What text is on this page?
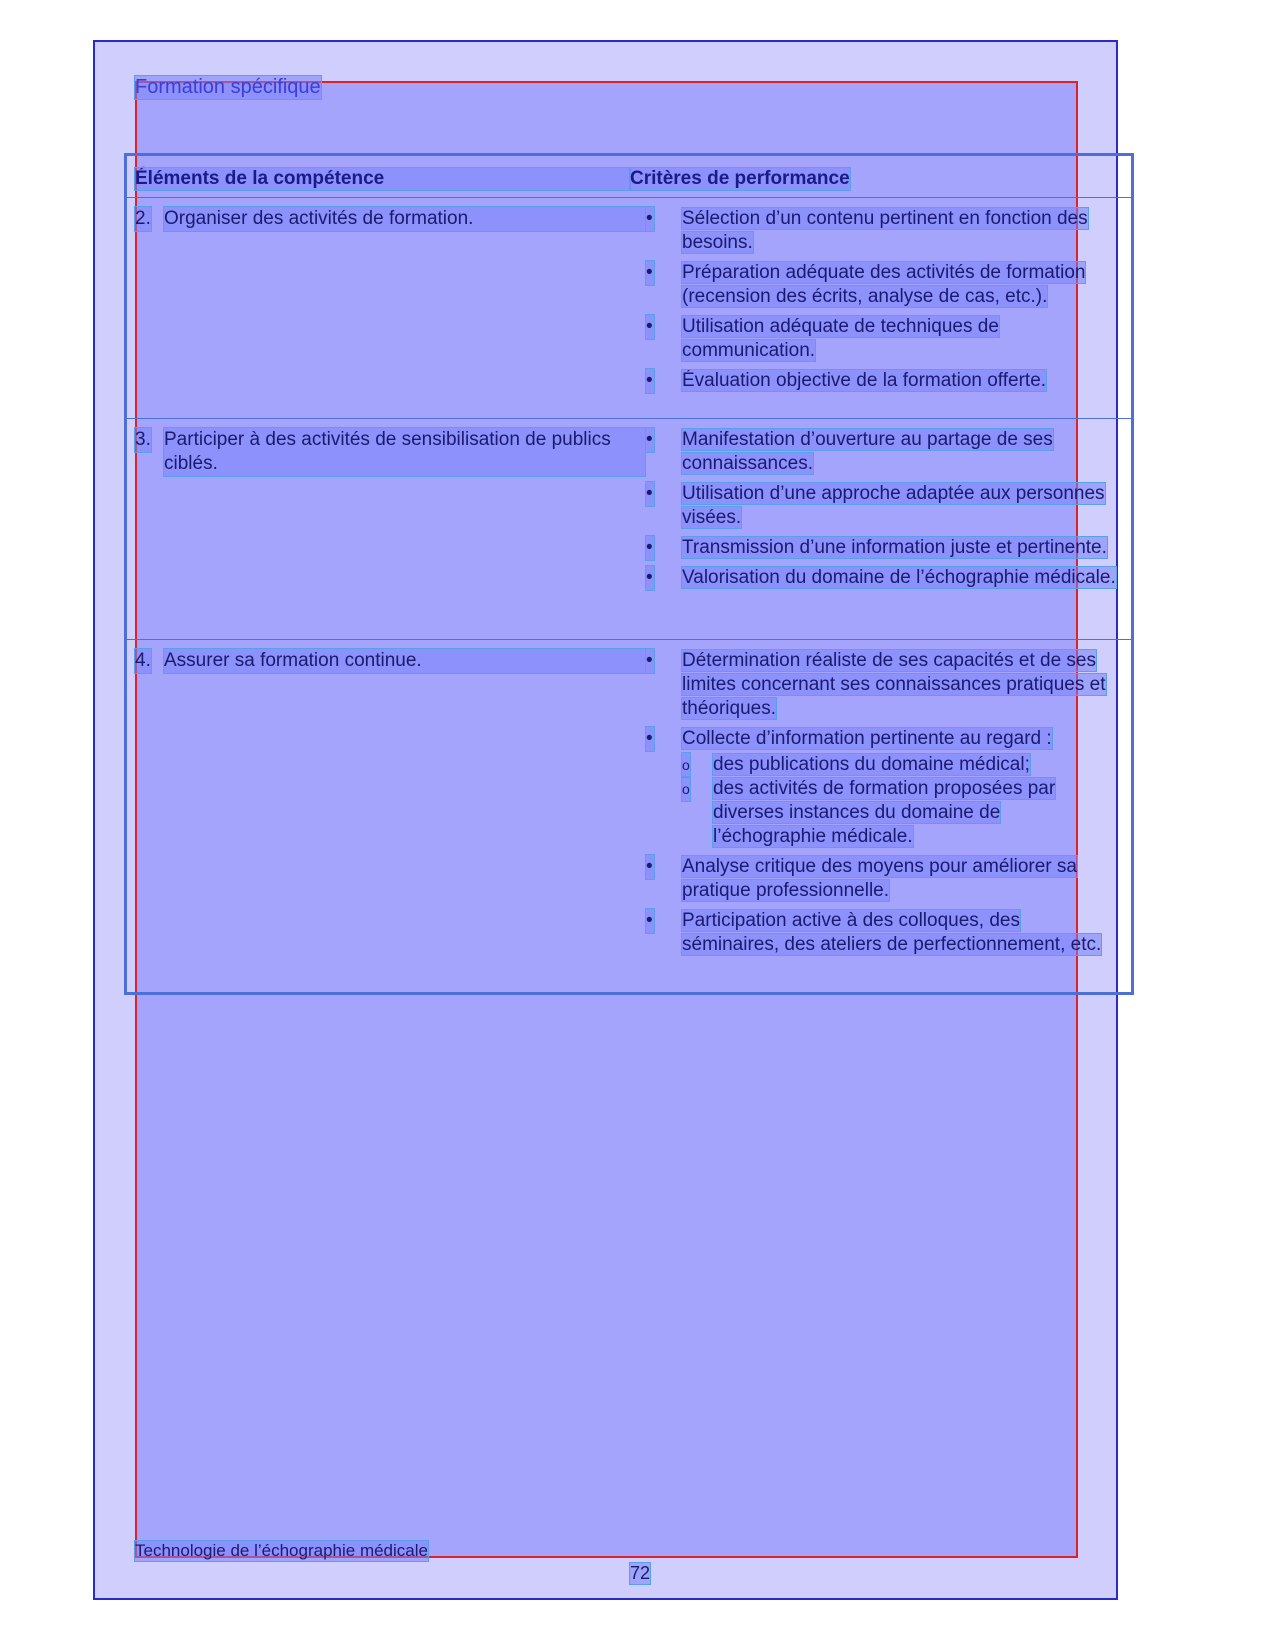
Formation spécifique
Éléments de la compétence	Critères de performance
2. Organiser des activités de formation.	• Sélection d’un contenu pertinent en fonction des besoins.
• Préparation adéquate des activités de formation (recension des écrits, analyse de cas, etc.).
• Utilisation adéquate de techniques de communication.
• Évaluation objective de la formation offerte.
3. Participer à des activités de sensibilisation de publics ciblés.
• Manifestation d’ouverture au partage de ses connaissances.
• Utilisation d’une approche adaptée aux personnes visées.
• Transmission d’une information juste et pertinente.
• Valorisation du domaine de l’échographie médicale.
4. Assurer sa formation continue.	• Détermination réaliste de ses capacités et de ses limites concernant ses connaissances pratiques et théoriques.
• Collecte d’information pertinente au regard :
o des publications du domaine médical;
o des activités de formation proposées par diverses instances du domaine de l’échographie médicale.
• Analyse critique des moyens pour améliorer sa pratique professionnelle.
• Participation active à des colloques, des séminaires, des ateliers de perfectionnement, etc.
Technologie de l’échographie médicale
72
